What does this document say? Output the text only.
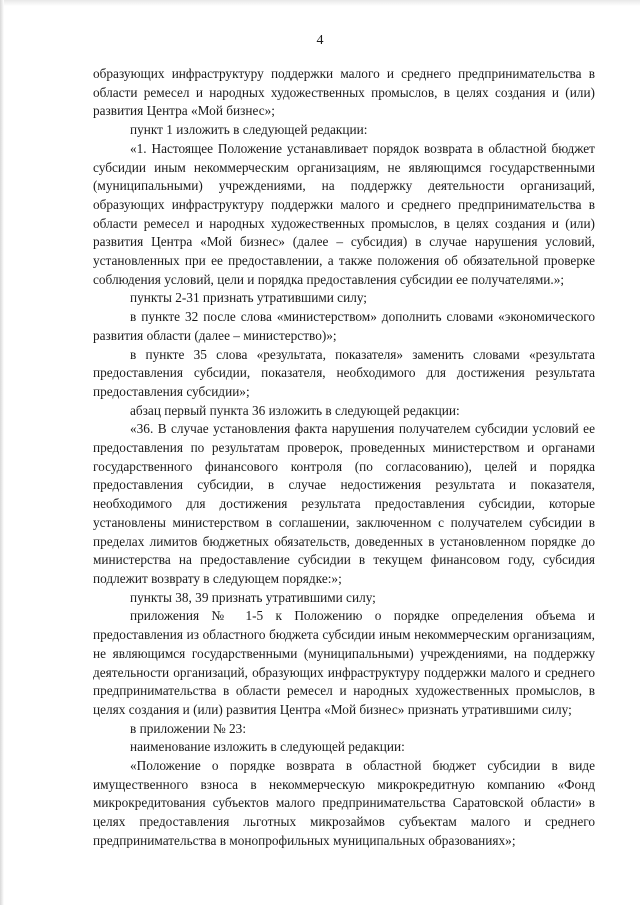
4

образующих инфраструктуру поддержки малого и среднего предпринимательства в области ремесел и народных художественных промыслов, в целях создания и (или) развития Центра «Мой бизнес»;

пункт 1 изложить в следующей редакции:

«1. Настоящее Положение устанавливает порядок возврата в областной бюджет субсидии иным некоммерческим организациям, не являющимся государственными (муниципальными) учреждениями, на поддержку деятельности организаций, образующих инфраструктуру поддержки малого и среднего предпринимательства в области ремесел и народных художественных промыслов, в целях создания и (или) развития Центра «Мой бизнес» (далее – субсидия) в случае нарушения условий, установленных при ее предоставлении, а также положения об обязательной проверке соблюдения условий, цели и порядка предоставления субсидии ее получателями.»;

пункты 2-31 признать утратившими силу;

в пункте 32 после слова «министерством» дополнить словами «экономического развития области (далее – министерство)»;

в пункте 35 слова «результата, показателя» заменить словами «результата предоставления субсидии, показателя, необходимого для достижения результата предоставления субсидии»;

абзац первый пункта 36 изложить в следующей редакции:

«36. В случае установления факта нарушения получателем субсидии условий ее предоставления по результатам проверок, проведенных министерством и органами государственного финансового контроля (по согласованию), целей и порядка предоставления субсидии, в случае недостижения результата и показателя, необходимого для достижения результата предоставления субсидии, которые установлены министерством в соглашении, заключенном с получателем субсидии в пределах лимитов бюджетных обязательств, доведенных в установленном порядке до министерства на предоставление субсидии в текущем финансовом году, субсидия подлежит возврату в следующем порядке:»;

пункты 38, 39 признать утратившими силу;

приложения № 1-5 к Положению о порядке определения объема и предоставления из областного бюджета субсидии иным некоммерческим организациям, не являющимся государственными (муниципальными) учреждениями, на поддержку деятельности организаций, образующих инфраструктуру поддержки малого и среднего предпринимательства в области ремесел и народных художественных промыслов, в целях создания и (или) развития Центра «Мой бизнес» признать утратившими силу;

в приложении № 23:

наименование изложить в следующей редакции:

«Положение о порядке возврата в областной бюджет субсидии в виде имущественного взноса в некоммерческую микрокредитную компанию «Фонд микрокредитования субъектов малого предпринимательства Саратовской области» в целях предоставления льготных микрозаймов субъектам малого и среднего предпринимательства в монопрофильных муниципальных образованиях»;
